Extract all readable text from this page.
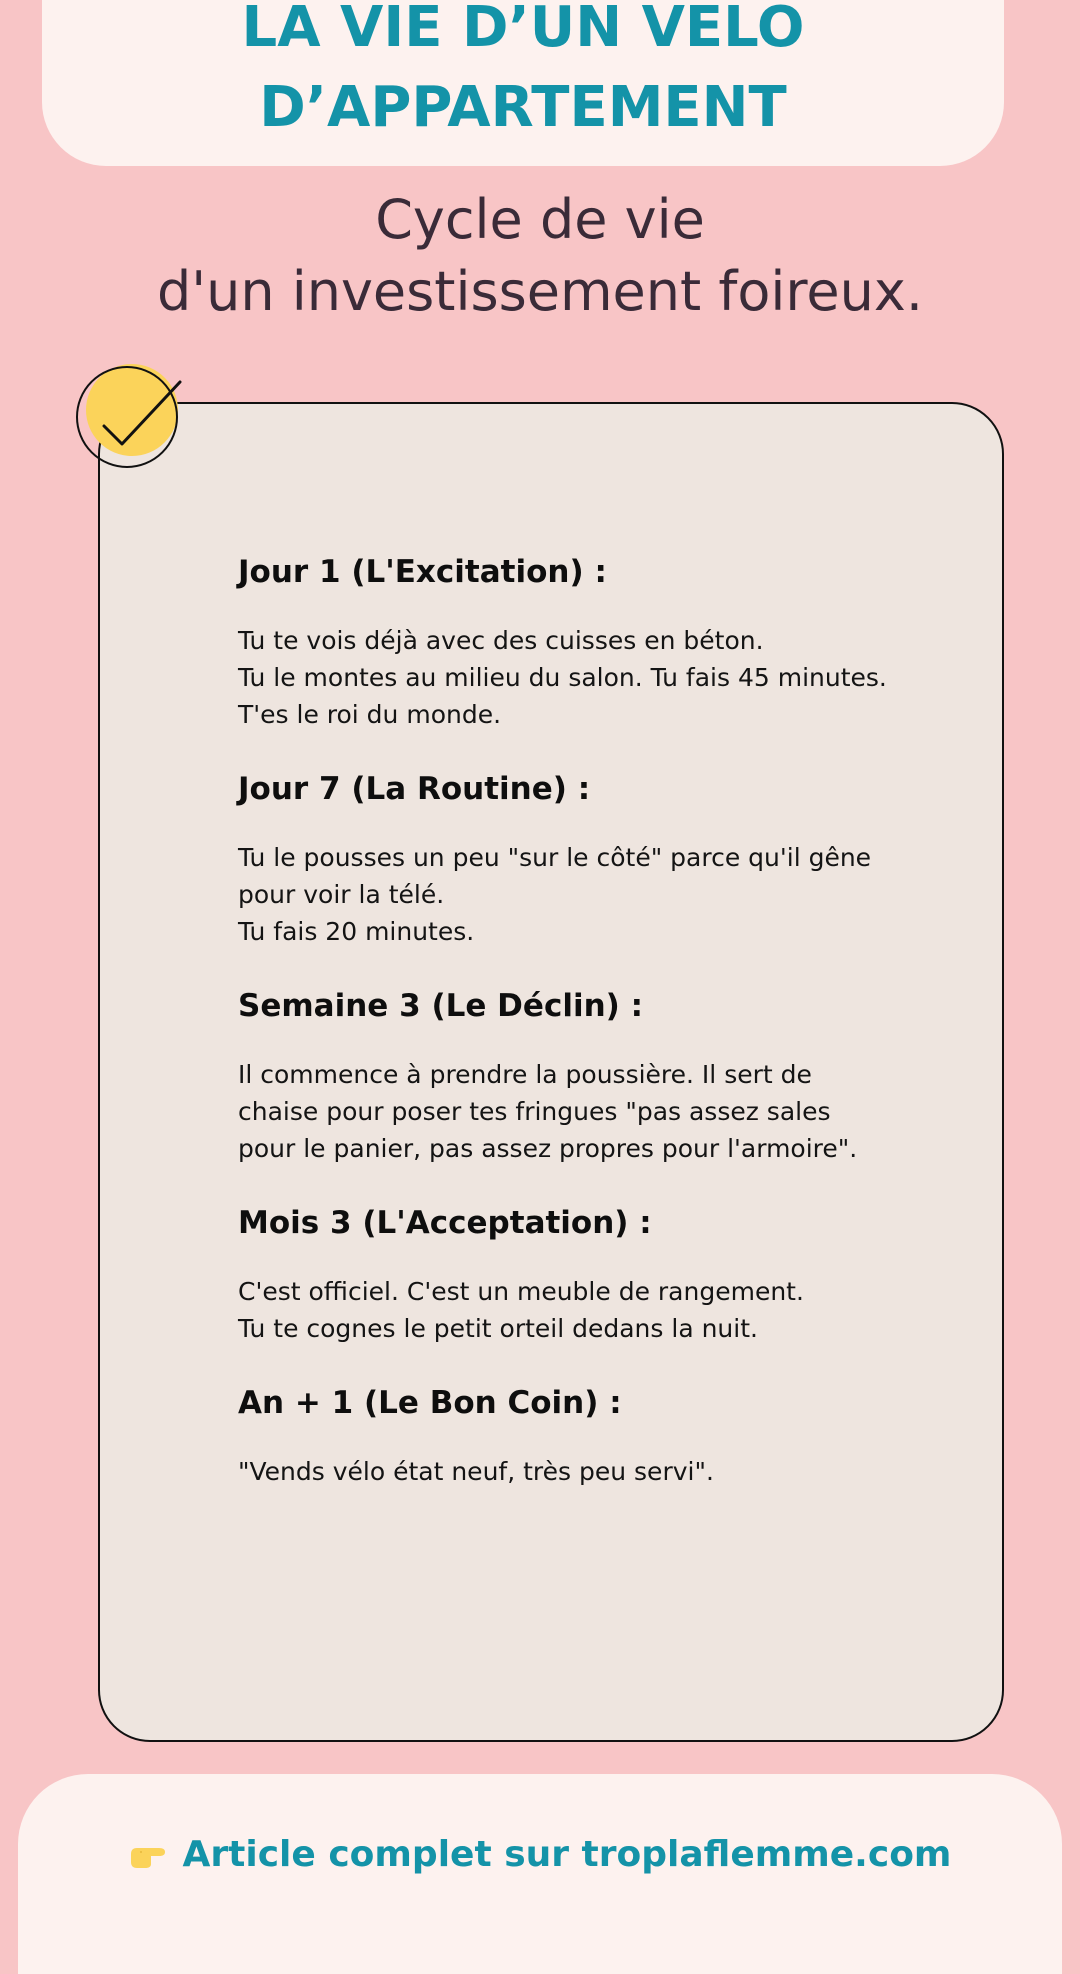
LA VIE D’UN VELO
D’APPARTEMENT
Cycle de vie
d'un investissement foireux.
Jour 1 (L'Excitation) :
Tu te vois déjà avec des cuisses en béton.
Tu le montes au milieu du salon. Tu fais 45 minutes.
T'es le roi du monde.
Jour 7 (La Routine) :
Tu le pousses un peu "sur le côté" parce qu'il gêne
pour voir la télé.
Tu fais 20 minutes.
Semaine 3 (Le Déclin) :
Il commence à prendre la poussière. Il sert de
chaise pour poser tes fringues "pas assez sales
pour le panier, pas assez propres pour l'armoire".
Mois 3 (L'Acceptation) :
C'est officiel. C'est un meuble de rangement.
Tu te cognes le petit orteil dedans la nuit.
An + 1 (Le Bon Coin) :
"Vends vélo état neuf, très peu servi".
Article complet sur troplaflemme.com
